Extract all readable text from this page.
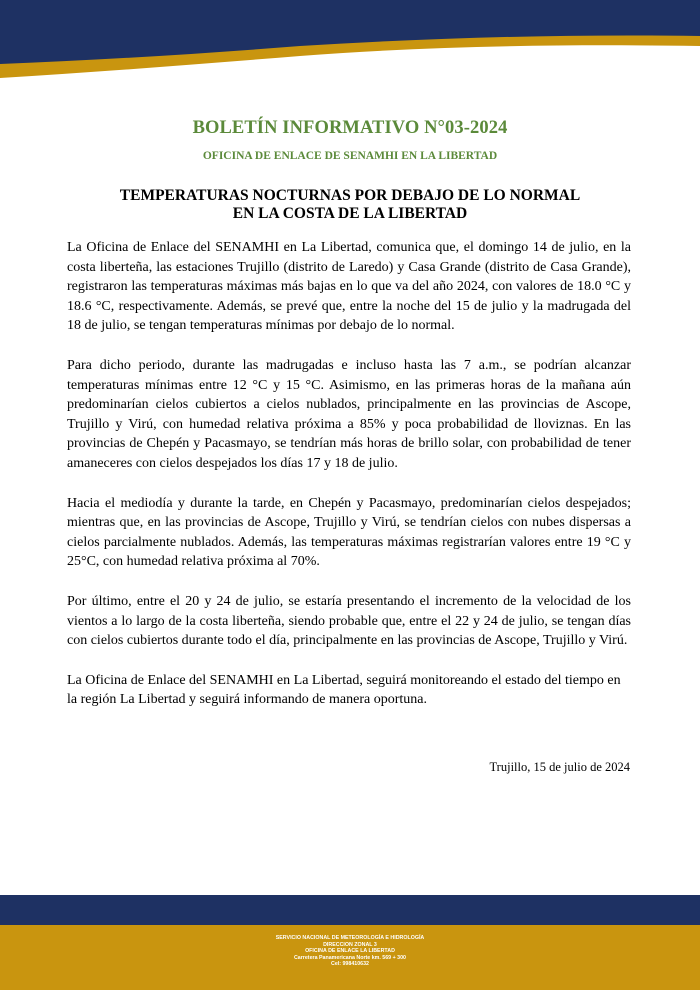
BOLETÍN INFORMATIVO N°03-2024
OFICINA DE ENLACE DE SENAMHI EN LA LIBERTAD
TEMPERATURAS NOCTURNAS POR DEBAJO DE LO NORMAL
EN LA COSTA DE LA LIBERTAD

La Oficina de Enlace del SENAMHI en La Libertad, comunica que, el domingo 14 de julio, en la costa liberteña, las estaciones Trujillo (distrito de Laredo) y Casa Grande (distrito de Casa Grande), registraron las temperaturas máximas más bajas en lo que va del año 2024, con valores de 18.0 °C y 18.6 °C, respectivamente. Además, se prevé que, entre la noche del 15 de julio y la madrugada del 18 de julio, se tengan temperaturas mínimas por debajo de lo normal.

Para dicho periodo, durante las madrugadas e incluso hasta las 7 a.m., se podrían alcanzar temperaturas mínimas entre 12 °C y 15 °C. Asimismo, en las primeras horas de la mañana aún predominarían cielos cubiertos a cielos nublados, principalmente en las provincias de Ascope, Trujillo y Virú, con humedad relativa próxima a 85% y poca probabilidad de lloviznas. En las provincias de Chepén y Pacasmayo, se tendrían más horas de brillo solar, con probabilidad de tener amaneceres con cielos despejados los días 17 y 18 de julio.

Hacia el mediodía y durante la tarde, en Chepén y Pacasmayo, predominarían cielos despejados; mientras que, en las provincias de Ascope, Trujillo y Virú, se tendrían cielos con nubes dispersas a cielos parcialmente nublados. Además, las temperaturas máximas registrarían valores entre 19 °C y 25°C, con humedad relativa próxima al 70%.

Por último, entre el 20 y 24 de julio, se estaría presentando el incremento de la velocidad de los vientos a lo largo de la costa liberteña, siendo probable que, entre el 22 y 24 de julio, se tengan días con cielos cubiertos durante todo el día, principalmente en las provincias de Ascope, Trujillo y Virú.

La Oficina de Enlace del SENAMHI en La Libertad, seguirá monitoreando el estado del tiempo en la región La Libertad y seguirá informando de manera oportuna.

Trujillo, 15 de julio de 2024
SERVICIO NACIONAL DE METEOROLOGÍA E HIDROLOGÍA
DIRECCION ZONAL 3
OFICINA DE ENLACE LA LIBERTAD
Carretera Panamericana Norte km. 569 + 300
Cel: 998410632
